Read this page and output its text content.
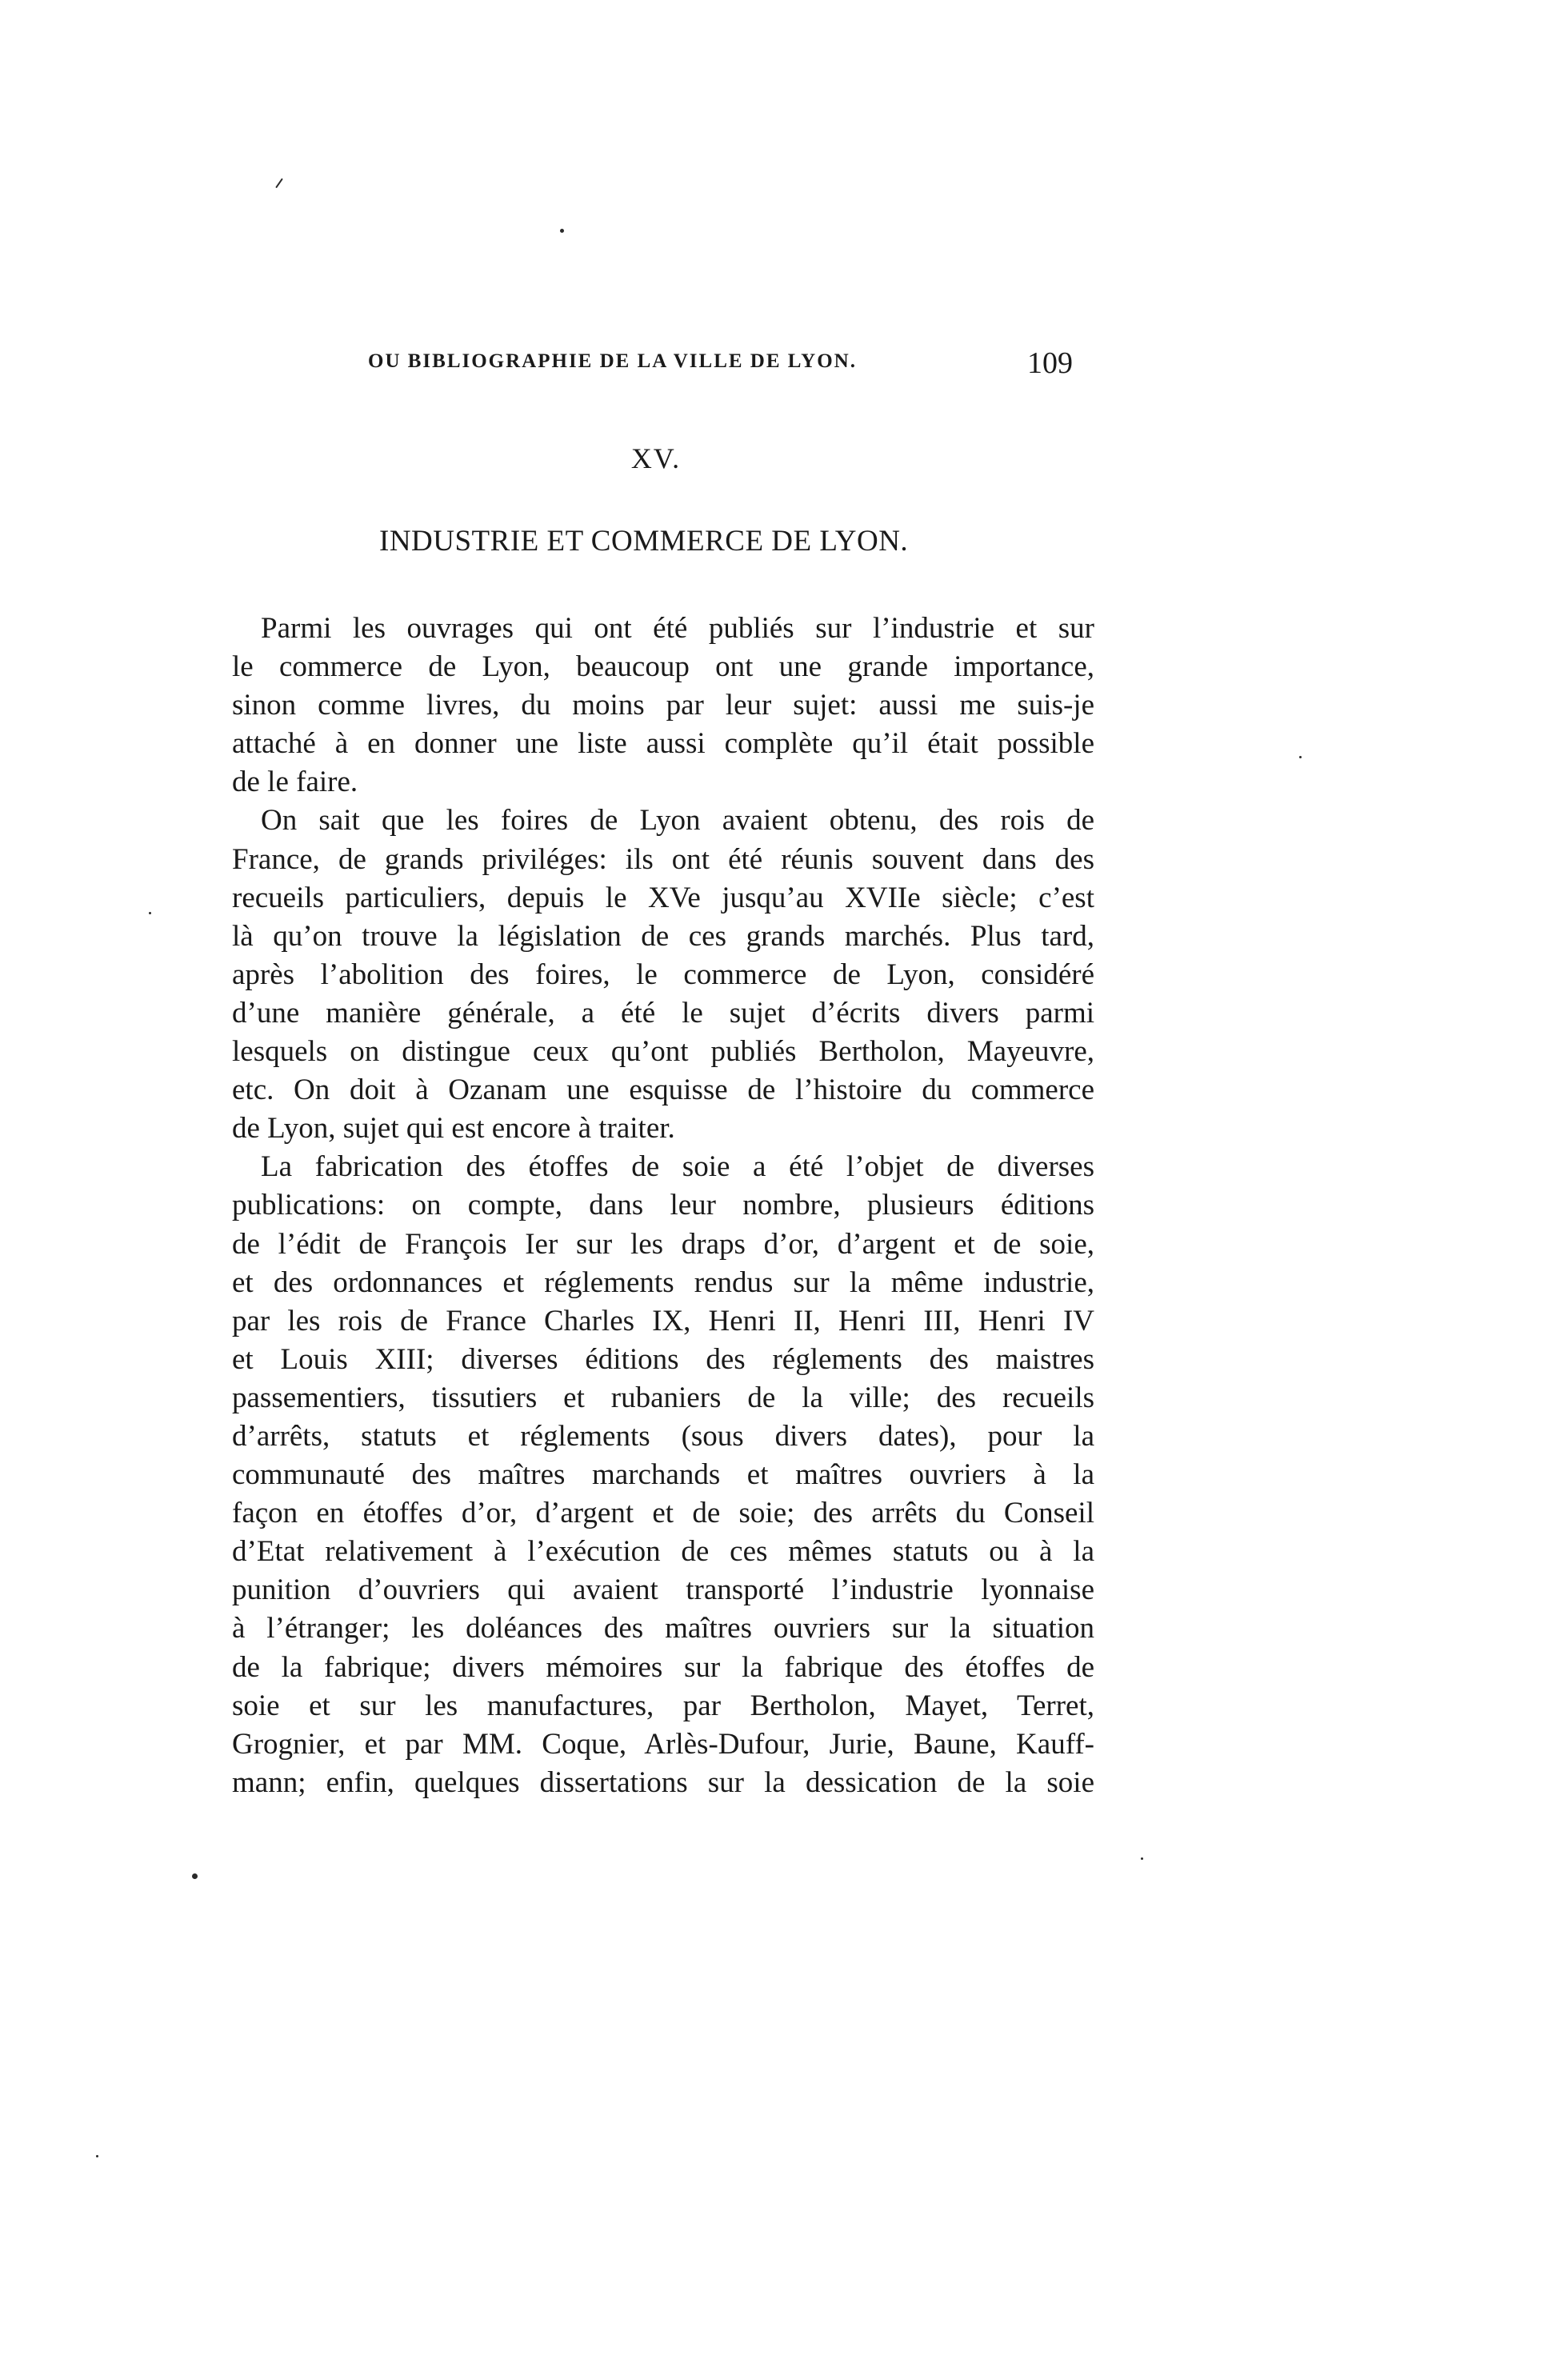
OU BIBLIOGRAPHIE DE LA VILLE DE LYON.	109
XV.
INDUSTRIE ET COMMERCE DE LYON.
Parmi les ouvrages qui ont été publiés sur l’industrie et sur
le commerce de Lyon, beaucoup ont une grande importance,
sinon comme livres, du moins par leur sujet: aussi me suis-je
attaché à en donner une liste aussi complète qu’il était possible
de le faire.
On sait que les foires de Lyon avaient obtenu, des rois de
France, de grands priviléges: ils ont été réunis souvent dans des
recueils particuliers, depuis le XVe jusqu’au XVIIe siècle; c’est
là qu’on trouve la législation de ces grands marchés. Plus tard,
après l’abolition des foires, le commerce de Lyon, considéré
d’une manière générale, a été le sujet d’écrits divers parmi
lesquels on distingue ceux qu’ont publiés Bertholon, Mayeuvre,
etc. On doit à Ozanam une esquisse de l’histoire du commerce
de Lyon, sujet qui est encore à traiter.
La fabrication des étoffes de soie a été l’objet de diverses
publications: on compte, dans leur nombre, plusieurs éditions
de l’édit de François Ier sur les draps d’or, d’argent et de soie,
et des ordonnances et réglements rendus sur la même industrie,
par les rois de France Charles IX, Henri II, Henri III, Henri IV
et Louis XIII; diverses éditions des réglements des maistres
passementiers, tissutiers et rubaniers de la ville; des recueils
d’arrêts, statuts et réglements (sous divers dates), pour la
communauté des maîtres marchands et maîtres ouvriers à la
façon en étoffes d’or, d’argent et de soie; des arrêts du Conseil
d’Etat relativement à l’exécution de ces mêmes statuts ou à la
punition d’ouvriers qui avaient transporté l’industrie lyonnaise
à l’étranger; les doléances des maîtres ouvriers sur la situation
de la fabrique; divers mémoires sur la fabrique des étoffes de
soie et sur les manufactures, par Bertholon, Mayet, Terret,
Grognier, et par MM. Coque, Arlès-Dufour, Jurie, Baune, Kauff-
mann; enfin, quelques dissertations sur la dessication de la soie
